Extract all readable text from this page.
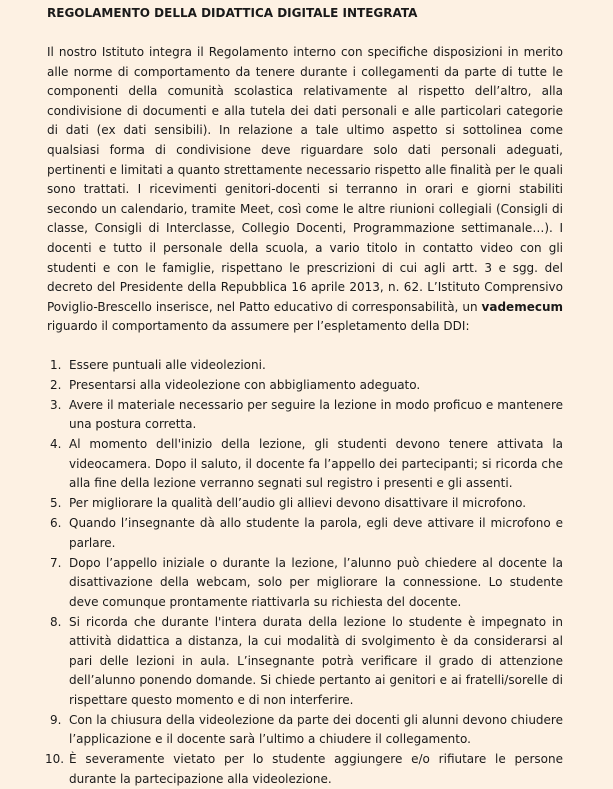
REGOLAMENTO DELLA DIDATTICA DIGITALE INTEGRATA

Il nostro Istituto integra il Regolamento interno con specifiche disposizioni in merito alle norme di comportamento da tenere durante i collegamenti da parte di tutte le componenti della comunità scolastica relativamente al rispetto dell’altro, alla condivisione di documenti e alla tutela dei dati personali e alle particolari categorie di dati (ex dati sensibili). In relazione a tale ultimo aspetto si sottolinea come qualsiasi forma di condivisione deve riguardare solo dati personali adeguati, pertinenti e limitati a quanto strettamente necessario rispetto alle finalità per le quali sono trattati. I ricevimenti genitori-docenti si terranno in orari e giorni stabiliti secondo un calendario, tramite Meet, così come le altre riunioni collegiali (Consigli di classe, Consigli di Interclasse, Collegio Docenti, Programmazione settimanale…). I docenti e tutto il personale della scuola, a vario titolo in contatto video con gli studenti e con le famiglie, rispettano le prescrizioni di cui agli artt. 3 e sgg. del decreto del Presidente della Repubblica 16 aprile 2013, n. 62. L’Istituto Comprensivo Poviglio-Brescello inserisce, nel Patto educativo di corresponsabilità, un vademecum riguardo il comportamento da assumere per l’espletamento della DDI:

1. Essere puntuali alle videolezioni.
2. Presentarsi alla videolezione con abbigliamento adeguato.
3. Avere il materiale necessario per seguire la lezione in modo proficuo e mantenere una postura corretta.
4. Al momento dell'inizio della lezione, gli studenti devono tenere attivata la videocamera. Dopo il saluto, il docente fa l’appello dei partecipanti; si ricorda che alla fine della lezione verranno segnati sul registro i presenti e gli assenti.
5. Per migliorare la qualità dell’audio gli allievi devono disattivare il microfono.
6. Quando l’insegnante dà allo studente la parola, egli deve attivare il microfono e parlare.
7. Dopo l’appello iniziale o durante la lezione, l’alunno può chiedere al docente la disattivazione della webcam, solo per migliorare la connessione. Lo studente deve comunque prontamente riattivarla su richiesta del docente.
8. Si ricorda che durante l'intera durata della lezione lo studente è impegnato in attività didattica a distanza, la cui modalità di svolgimento è da considerarsi al pari delle lezioni in aula. L’insegnante potrà verificare il grado di attenzione dell’alunno ponendo domande. Si chiede pertanto ai genitori e ai fratelli/sorelle di rispettare questo momento e di non interferire.
9. Con la chiusura della videolezione da parte dei docenti gli alunni devono chiudere l’applicazione e il docente sarà l’ultimo a chiudere il collegamento.
10. È severamente vietato per lo studente aggiungere e/o rifiutare le persone durante la partecipazione alla videolezione.
